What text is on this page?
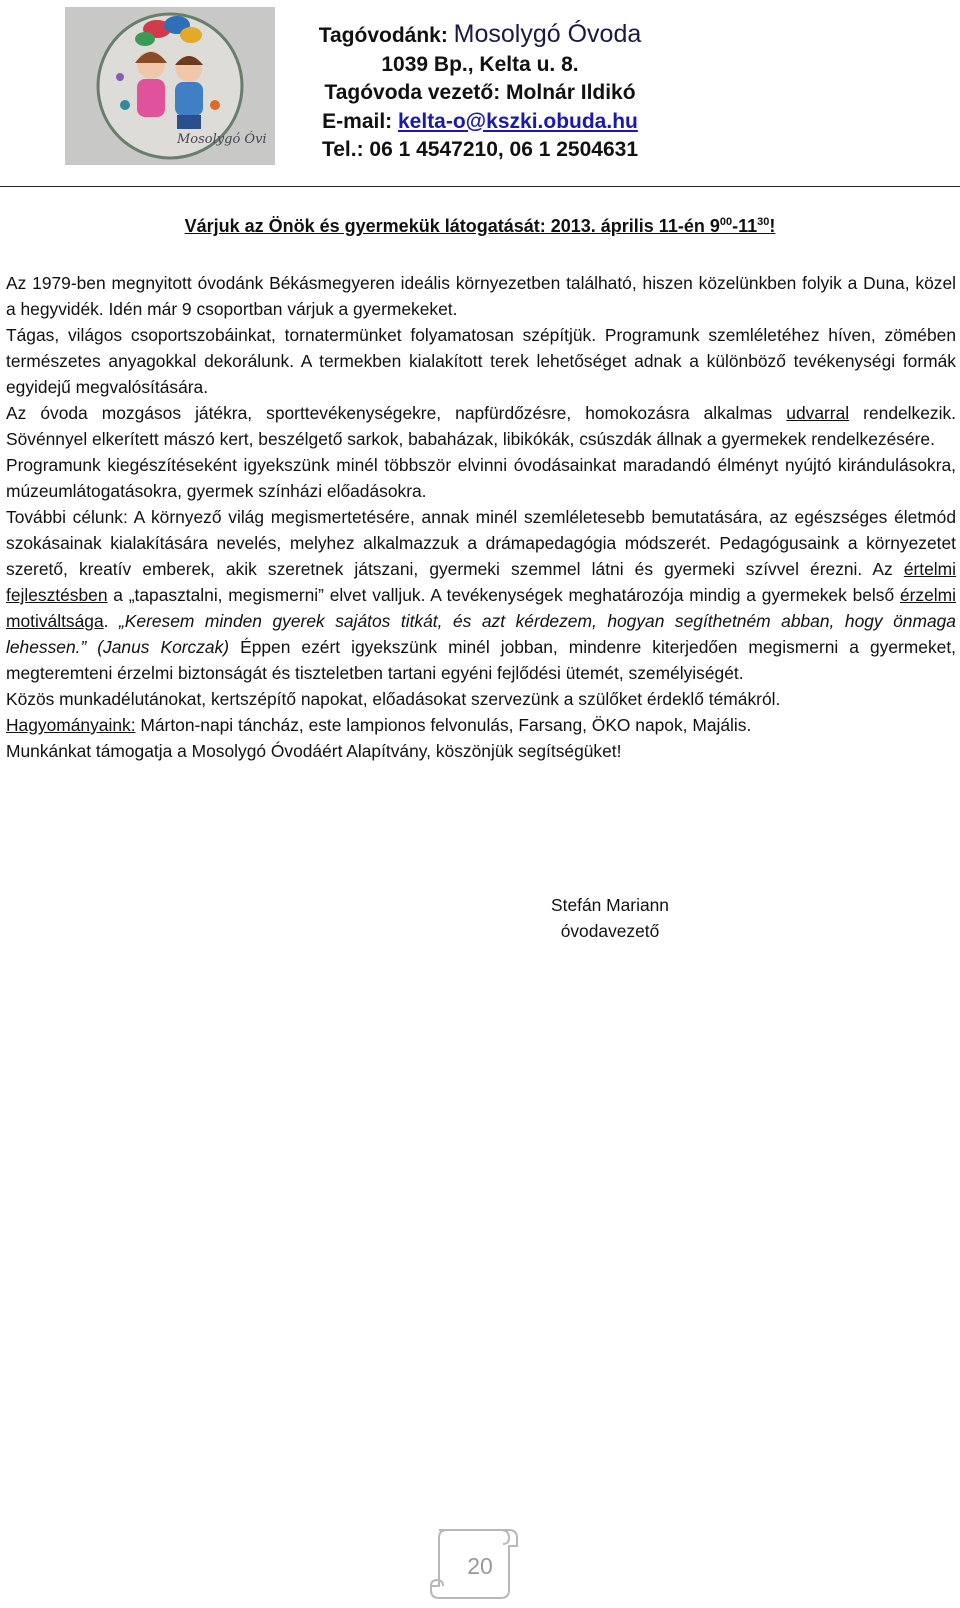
Mosolygó Óvi
Tagóvodánk: Mosolygó Óvoda
1039 Bp., Kelta u. 8.
Tagóvoda vezető: Molnár Ildikó
E-mail: kelta-o@kszki.obuda.hu
Tel.: 06 1 4547210, 06 1 2504631
Várjuk az Önök és gyermekük látogatását: 2013. április 11-én $9^{00}-11^{30}$!

Az 1979-ben megnyitott óvodánk Békásmegyeren ideális környezetben található, hiszen közelünkben folyik a Duna, közel a hegyvidék. Idén már 9 csoportban várjuk a gyermekeket.

Tágas, világos csoportszobáinkat, tornatermünket folyamatosan szépítjük. Programunk szemléletéhez híven, zömében természetes anyagokkal dekorálunk. A termekben kialakított terek lehetőséget adnak a különböző tevékenységi formák egyidejű megvalósítására.

Az óvoda mozgásos játékra, sporttevékenységekre, napfürdőzésre, homokozásra alkalmas udvarral rendelkezik. Sövénnyel elkerített mászó kert, beszélgető sarkok, babaházak, libikókák, csúszdák állnak a gyermekek rendelkezésére.

Programunk kiegészítéseként igyekszünk minél többször elvinni óvodásainkat maradandó élményt nyújtó kirándulásokra, múzeumlátogatásokra, gyermek színházi előadásokra.

További célunk: A környező világ megismertetésére, annak minél szemléletesebb bemutatására, az egészséges életmód szokásainak kialakítására nevelés, melyhez alkalmazzuk a drámapedagógia módszerét. Pedagógusaink a környezetet szerető, kreatív emberek, akik szeretnek játszani, gyermeki szemmel látni és gyermeki szívvel érezni. Az értelmi fejlesztésben a „tapasztalni, megismerni” elvet valljuk. A tevékenységek meghatározója mindig a gyermekek belső érzelmi motiváltsága. „Keresem minden gyerek sajátos titkát, és azt kérdezem, hogyan segíthetném abban, hogy önmaga lehessen.” (Janus Korczak) Éppen ezért igyekszünk minél jobban, mindenre kiterjedően megismerni a gyermeket, megteremteni érzelmi biztonságát és tiszteletben tartani egyéni fejlődési ütemét, személyiségét.

Közös munkadélutánokat, kertszépítő napokat, előadásokat szervezünk a szülőket érdeklő témákról.

Hagyományaink: Márton-napi táncház, este lampionos felvonulás, Farsang, ÖKO napok, Majális.

Munkánkat támogatja a Mosolygó Óvodáért Alapítvány, köszönjük segítségüket!

Stefán Mariann
óvodavezető
20
